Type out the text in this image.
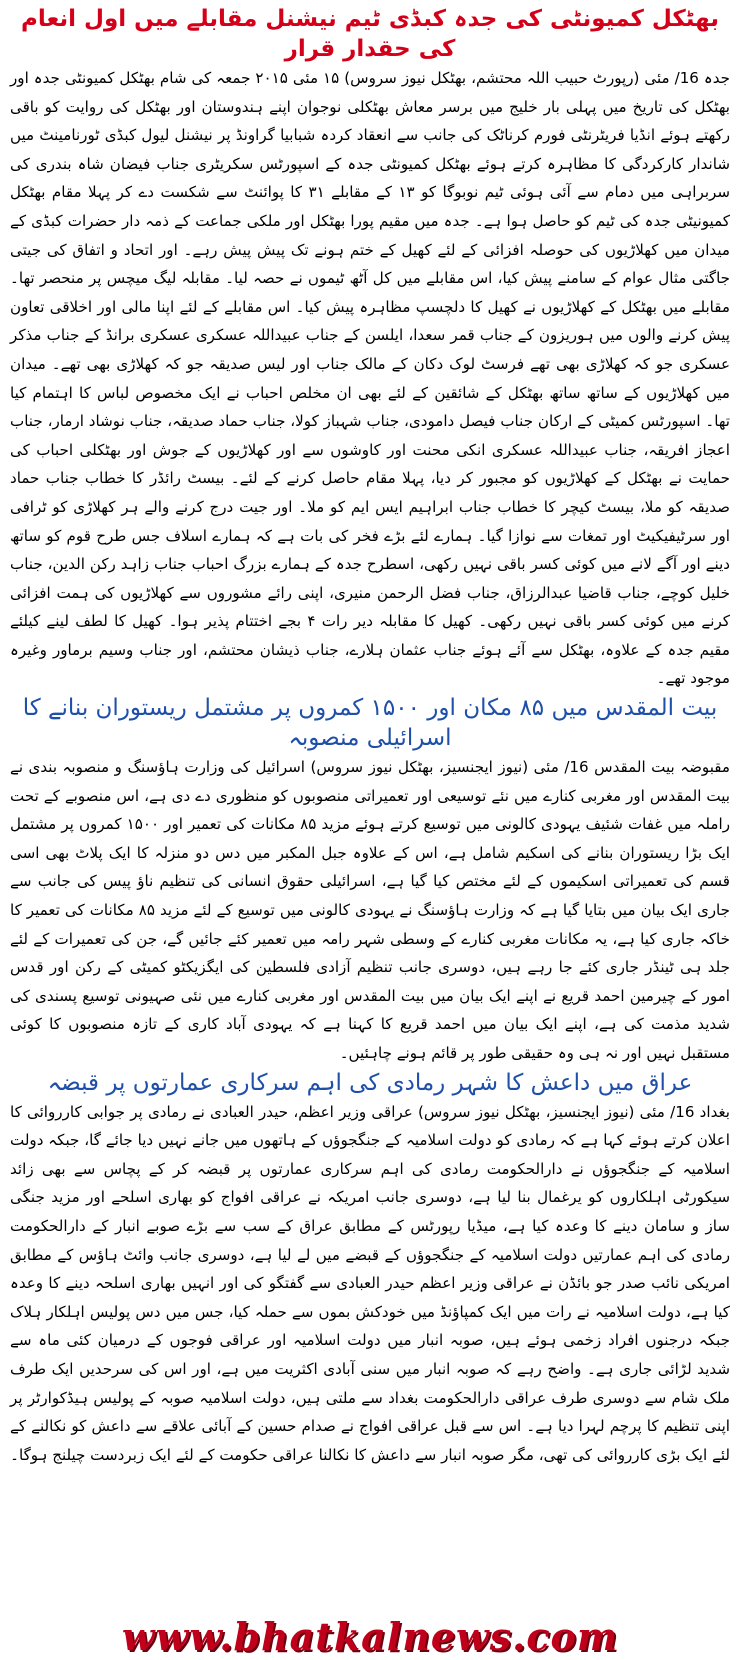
بھٹکل کمیونٹی کی جدہ کبڈی ٹیم نیشنل مقابلے میں اول انعام کی حقدار قرار

جدہ 16/ مئی (رپورٹ حبیب اللہ محتشم، بھٹکل نیوز سروس) ۱۵ مئی ۲۰۱۵ جمعہ کی شام بھٹکل کمیونٹی جدہ اور بھٹکل کی تاریخ میں پہلی بار خلیج میں برسر معاش بھٹکلی نوجوان اپنے ہندوستان اور بھٹکل کی روایت کو باقی رکھتے ہوئے انڈیا فریٹرنٹی فورم کرناٹک کی جانب سے انعقاد کردہ شبابیا گراونڈ پر نیشنل لیول کبڈی ٹورنامینٹ میں شاندار کارکردگی کا مظاہرہ کرتے ہوئے بھٹکل کمیونٹی جدہ کے اسپورٹس سکریٹری جناب فیضان شاہ بندری کی سربراہی میں دمام سے آئی ہوئی ٹیم نوبوگا کو ۱۳ کے مقابلے ۳۱ کا پوائنٹ سے شکست دے کر پہلا مقام بھٹکل کمیونیٹی جدہ کی ٹیم کو حاصل ہوا ہے۔ جدہ میں مقیم پورا بھٹکل اور ملکی جماعت کے ذمہ دار حضرات کبڈی کے میدان میں کھلاڑیوں کی حوصلہ افزائی کے لئے کھیل کے ختم ہونے تک پیش پیش رہے۔ اور اتحاد و اتفاق کی جیتی جاگتی مثال عوام کے سامنے پیش کیا، اس مقابلے میں کل آٹھ ٹیموں نے حصہ لیا۔ مقابلہ لیگ میچس پر منحصر تھا۔ مقابلے میں بھٹکل کے کھلاڑیوں نے کھیل کا دلچسپ مظاہرہ پیش کیا۔ اس مقابلے کے لئے اپنا مالی اور اخلاقی تعاون پیش کرنے والوں میں ہوریزون کے جناب قمر سعدا، ایلسن کے جناب عبیداللہ عسکری عسکری برانڈ کے جناب مذکر عسکری جو کہ کھلاڑی بھی تھے فرسٹ لوک دکان کے مالک جناب اور لیس صدیقہ جو کہ کھلاڑی بھی تھے۔ میدان میں کھلاڑیوں کے ساتھ ساتھ بھٹکل کے شائقین کے لئے بھی ان مخلص احباب نے ایک مخصوص لباس کا اہتمام کیا تھا۔ اسپورٹس کمیٹی کے ارکان جناب فیصل دامودی، جناب شہباز کولا، جناب حماد صدیقہ، جناب نوشاد ارمار، جناب اعجاز افریقہ، جناب عبیداللہ عسکری انکی محنت اور کاوشوں سے اور کھلاڑیوں کے جوش اور بھٹکلی احباب کی حمایت نے بھٹکل کے کھلاڑیوں کو مجبور کر دیا، پہلا مقام حاصل کرنے کے لئے۔ بیسٹ رائڈر کا خطاب جناب حماد صدیقہ کو ملا، بیسٹ کیچر کا خطاب جناب ابراہیم ایس ایم کو ملا۔ اور جیت درج کرنے والے ہر کھلاڑی کو ٹرافی اور سرٹیفیکیٹ اور تمغات سے نوازا گیا۔ ہمارے لئے بڑے فخر کی بات ہے کہ ہمارے اسلاف جس طرح قوم کو ساتھ دینے اور آگے لانے میں کوئی کسر باقی نہیں رکھی، اسطرح جدہ کے ہمارے بزرگ احباب جناب زاہد رکن الدین، جناب خلیل کوچے، جناب قاضیا عبدالرزاق، جناب فضل الرحمن منیری، اپنی رائے مشوروں سے کھلاڑیوں کی ہمت افزائی کرنے میں کوئی کسر باقی نہیں رکھی۔ کھیل کا مقابلہ دیر رات ۴ بجے اختتام پذیر ہوا۔ کھیل کا لطف لینے کیلئے مقیم جدہ کے علاوہ، بھٹکل سے آئے ہوئے جناب عثمان ہلارے، جناب ذیشان محتشم، اور جناب وسیم برماور وغیرہ موجود تھے۔

بیت المقدس میں ۸۵ مکان اور ۱۵۰۰ کمروں پر مشتمل ریستوران بنانے کا اسرائیلی منصوبہ

مقبوضہ بیت المقدس 16/ مئی (نیوز ایجنسیز، بھٹکل نیوز سروس) اسرائیل کی وزارت ہاؤسنگ و منصوبہ بندی نے بیت المقدس اور مغربی کنارے میں نئے توسیعی اور تعمیراتی منصوبوں کو منظوری دے دی ہے، اس منصوبے کے تحت راملہ میں غفات شئیف یہودی کالونی میں توسیع کرتے ہوئے مزید ۸۵ مکانات کی تعمیر اور ۱۵۰۰ کمروں پر مشتمل ایک بڑا ریستوران بنانے کی اسکیم شامل ہے، اس کے علاوہ جبل المکبر میں دس دو منزلہ کا ایک پلاٹ بھی اسی قسم کی تعمیراتی اسکیموں کے لئے مختص کیا گیا ہے، اسرائیلی حقوق انسانی کی تنظیم ناؤ پیس کی جانب سے جاری ایک بیان میں بتایا گیا ہے کہ وزارت ہاؤسنگ نے یہودی کالونی میں توسیع کے لئے مزید ۸۵ مکانات کی تعمیر کا خاکہ جاری کیا ہے، یہ مکانات مغربی کنارے کے وسطی شہر رامہ میں تعمیر کئے جائیں گے، جن کی تعمیرات کے لئے جلد ہی ٹینڈر جاری کئے جا رہے ہیں، دوسری جانب تنظیم آزادی فلسطین کی ایگزیکٹو کمیٹی کے رکن اور قدس امور کے چیرمین احمد قریع نے اپنے ایک بیان میں بیت المقدس اور مغربی کنارے میں نئی صہیونی توسیع پسندی کی شدید مذمت کی ہے، اپنے ایک بیان میں احمد قریع کا کہنا ہے کہ یہودی آباد کاری کے تازہ منصوبوں کا کوئی مستقبل نہیں اور نہ ہی وہ حقیقی طور پر قائم ہونے چاہئیں۔

عراق میں داعش کا شہر رمادی کی اہم سرکاری عمارتوں پر قبضہ

بغداد 16/ مئی (نیوز ایجنسیز، بھٹکل نیوز سروس) عراقی وزیر اعظم، حیدر العبادی نے رمادی پر جوابی کارروائی کا اعلان کرتے ہوئے کہا ہے کہ رمادی کو دولت اسلامیہ کے جنگجوؤں کے ہاتھوں میں جانے نہیں دیا جائے گا، جبکہ دولت اسلامیہ کے جنگجوؤں نے دارالحکومت رمادی کی اہم سرکاری عمارتوں پر قبضہ کر کے پچاس سے بھی زائد سیکورٹی اہلکاروں کو یرغمال بنا لیا ہے، دوسری جانب امریکہ نے عراقی افواج کو بھاری اسلحے اور مزید جنگی ساز و سامان دینے کا وعدہ کیا ہے، میڈیا رپورٹس کے مطابق عراق کے سب سے بڑے صوبے انبار کے دارالحکومت رمادی کی اہم عمارتیں دولت اسلامیہ کے جنگجوؤں کے قبضے میں لے لیا ہے، دوسری جانب وائٹ ہاؤس کے مطابق امریکی نائب صدر جو بائڈن نے عراقی وزیر اعظم حیدر العبادی سے گفتگو کی اور انہیں بھاری اسلحہ دینے کا وعدہ کیا ہے، دولت اسلامیہ نے رات میں ایک کمپاؤنڈ میں خودکش بموں سے حملہ کیا، جس میں دس پولیس اہلکار ہلاک جبکہ درجنوں افراد زخمی ہوئے ہیں، صوبہ انبار میں دولت اسلامیہ اور عراقی فوجوں کے درمیان کئی ماہ سے شدید لڑائی جاری ہے۔ واضح رہے کہ صوبہ انبار میں سنی آبادی اکثریت میں ہے، اور اس کی سرحدیں ایک طرف ملک شام سے دوسری طرف عراقی دارالحکومت بغداد سے ملتی ہیں، دولت اسلامیہ صوبہ کے پولیس ہیڈکوارٹر پر اپنی تنظیم کا پرچم لہرا دیا ہے۔ اس سے قبل عراقی افواج نے صدام حسین کے آبائی علاقے سے داعش کو نکالنے کے لئے ایک بڑی کارروائی کی تھی، مگر صوبہ انبار سے داعش کا نکالنا عراقی حکومت کے لئے ایک زبردست چیلنج ہوگا۔

www.bhatkalnews.com
